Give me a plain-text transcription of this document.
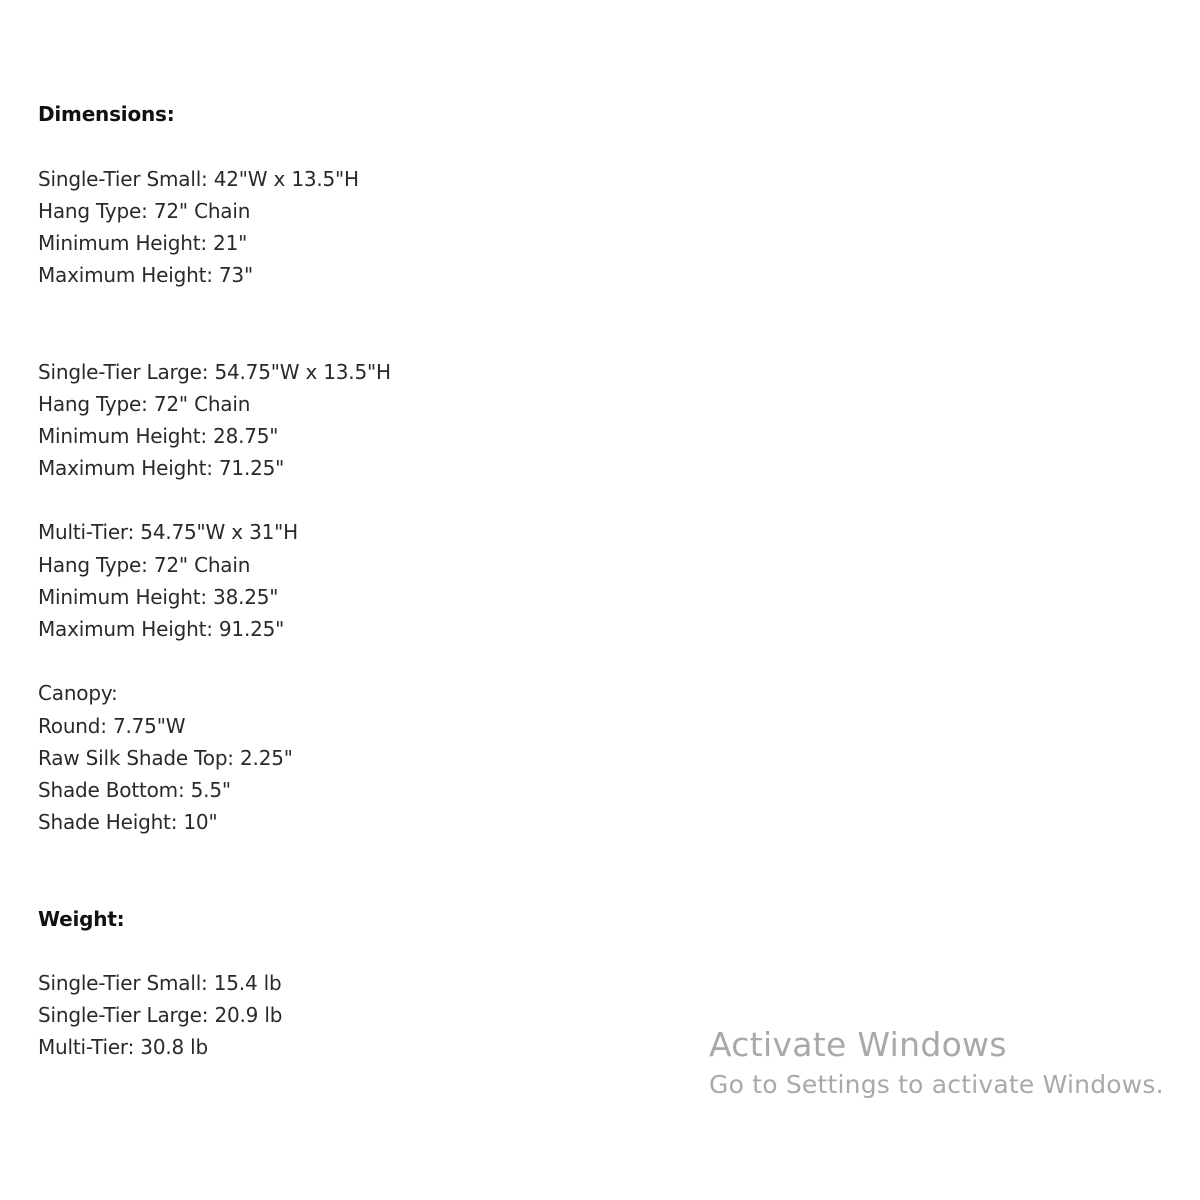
Dimensions:
Single-Tier Small: 42"W x 13.5"H
Hang Type: 72" Chain
Minimum Height: 21"
Maximum Height: 73"
Single-Tier Large: 54.75"W x 13.5"H
Hang Type: 72" Chain
Minimum Height: 28.75"
Maximum Height: 71.25"
Multi-Tier: 54.75"W x 31"H
Hang Type: 72" Chain
Minimum Height: 38.25"
Maximum Height: 91.25"
Canopy:
Round: 7.75"W
Raw Silk Shade Top: 2.25"
Shade Bottom: 5.5"
Shade Height: 10"
Weight:
Single-Tier Small: 15.4 lb
Single-Tier Large: 20.9 lb
Multi-Tier: 30.8 lb	Activate Windows
Go to Settings to activate Windows.
